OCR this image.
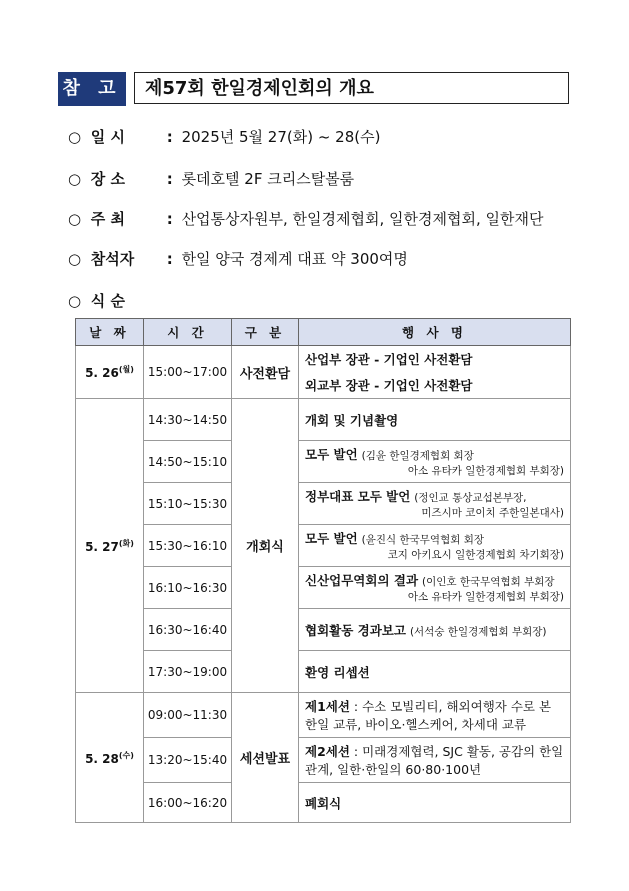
참 고	제57회 한일경제인회의 개요
○ 일 시	: 2025년 5월 27(화) ~ 28(수)
○ 장 소	: 롯데호텔 2F 크리스탈볼룸
○ 주 최	: 산업통상자원부, 한일경제협회, 일한경제협회, 일한재단
○ 참석자 : 한일 양국 경제계 대표 약 300여명
○ 식 순
날 짜	시 간	구 분	행 사 명
5. $26^{(월)}$	15:00~17:00	사전환담	산업부 장관 - 기업인 사전환담
외교부 장관 - 기업인 사전환담

5. $27^{(화)}$	14:30~14:50	개회식	개회 및 기념촬영
	14:50~15:10		모두 발언 (김윤 한일경제협회 회장
아소 유타카 일한경제협회 부회장)

	15:10~15:30		정부대표 모두 발언 (정인교 통상교섭본부장,
미즈시마 코이치 주한일본대사)

	15:30~16:10		모두 발언 (윤진식 한국무역협회 회장
코지 아키요시 일한경제협회 차기회장)

	16:10~16:30		신산업무역회의 결과 (이인호 한국무역협회 부회장
아소 유타카 일한경제협회 부회장)

	16:30~16:40		협회활동 경과보고 (서석숭 한일경제협회 부회장)
	17:30~19:00		환영 리셉션
5. $28^{(수)}$	09:00~11:30	세션발표	제1세션 : 수소 모빌리티, 해외여행자 수로 본 한일 교류, 바이오·헬스케어, 차세대 교류
	13:20~15:40		제2세션 : 미래경제협력, SJC 활동, 공감의 한일관계, 일한·한일의 60·80·100년
	16:00~16:20		폐회식
